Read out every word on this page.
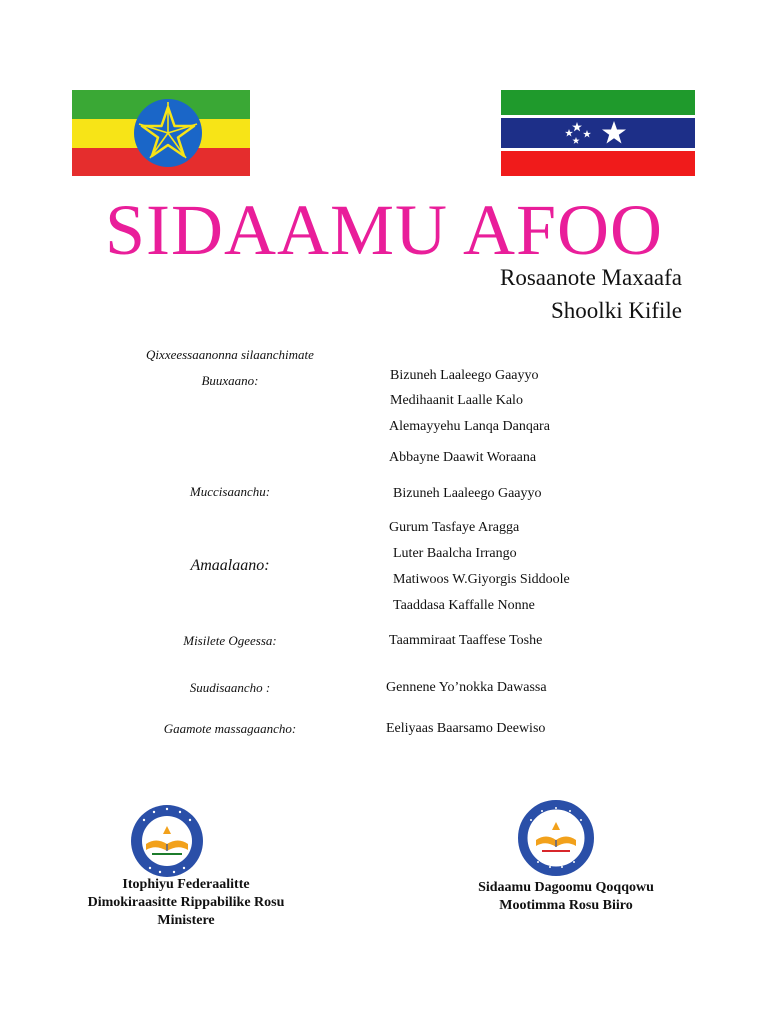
SIDAAMU AFOO
Rosaanote Maxaafa
Shoolki Kifile
Qixxeessaanonna silaanchimate
Buuxaano:
Muccisaanchu:
Amaalaano:
Misilete Ogeessa:
Suudisaancho :
Gaamote massagaancho:
Bizuneh Laaleego Gaayyo
Medihaanit Laalle Kalo
Alemayyehu Lanqa Danqara
Abbayne Daawit Woraana
Bizuneh Laaleego Gaayyo
Gurum Tasfaye Aragga
Luter Baalcha Irrango
Matiwoos W.Giyorgis Siddoole
Taaddasa Kaffalle Nonne
Taammiraat Taaffese Toshe
Gennene Yo’nokka Dawassa
Eeliyaas Baarsamo Deewiso
Itophiyu Federaalitte
Dimokiraasitte Rippabilike Rosu
Ministere
Sidaamu Dagoomu Qoqqowu
Mootimma Rosu Biiro
